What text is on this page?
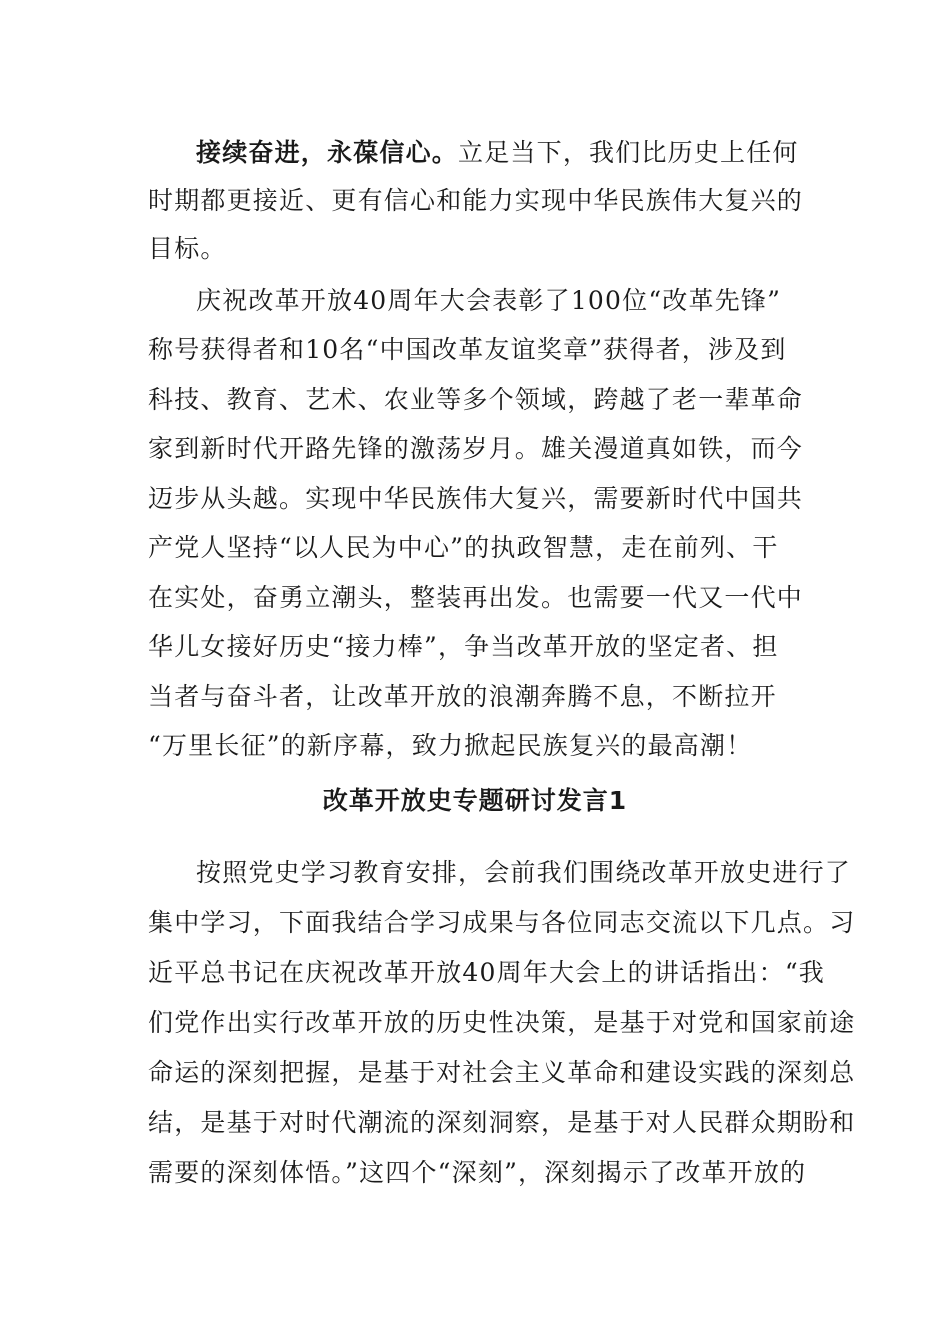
接续奋进，永葆信心。立足当下，我们比历史上任何
时期都更接近、更有信心和能力实现中华民族伟大复兴的
目标。
庆祝改革开放40周年大会表彰了100位“改革先锋”
称号获得者和10名“中国改革友谊奖章”获得者，涉及到
科技、教育、艺术、农业等多个领域，跨越了老一辈革命
家到新时代开路先锋的激荡岁月。雄关漫道真如铁，而今
迈步从头越。实现中华民族伟大复兴，需要新时代中国共
产党人坚持“以人民为中心”的执政智慧，走在前列、干
在实处，奋勇立潮头，整装再出发。也需要一代又一代中
华儿女接好历史“接力棒”，争当改革开放的坚定者、担
当者与奋斗者，让改革开放的浪潮奔腾不息，不断拉开
“万里长征”的新序幕，致力掀起民族复兴的最高潮！
改革开放史专题研讨发言1
按照党史学习教育安排，会前我们围绕改革开放史进行了
集中学习，下面我结合学习成果与各位同志交流以下几点。习
近平总书记在庆祝改革开放40周年大会上的讲话指出：“我
们党作出实行改革开放的历史性决策，是基于对党和国家前途
命运的深刻把握，是基于对社会主义革命和建设实践的深刻总
结，是基于对时代潮流的深刻洞察，是基于对人民群众期盼和
需要的深刻体悟。”这四个“深刻”，深刻揭示了改革开放的
